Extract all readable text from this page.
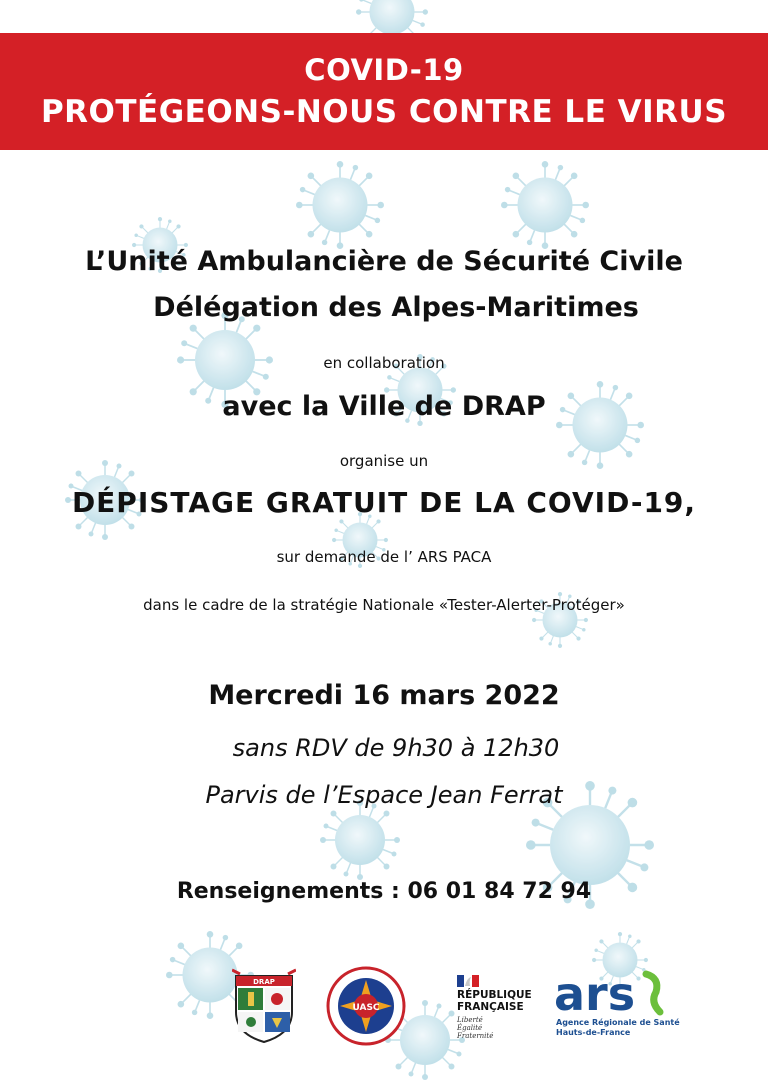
COVID-19
PROTÉGEONS-NOUS CONTRE LE VIRUS
L’Unité Ambulancière de Sécurité Civile
Délégation des Alpes-Maritimes
en collaboration
avec la Ville de DRAP
organise un
DÉPISTAGE GRATUIT DE LA COVID-19,
sur demande de l’ ARS PACA
dans le cadre de la stratégie Nationale «Tester-Alerter-Protéger»
Mercredi 16 mars 2022
sans RDV de 9h30 à 12h30
Parvis de l’Espace Jean Ferrat
Renseignements : 06 01 84 72 94
DRAP
UASC
RÉPUBLIQUE
FRANÇAISE
Liberté
Égalité
Fraternité
ars
Agence Régionale de Santé
Hauts-de-France
